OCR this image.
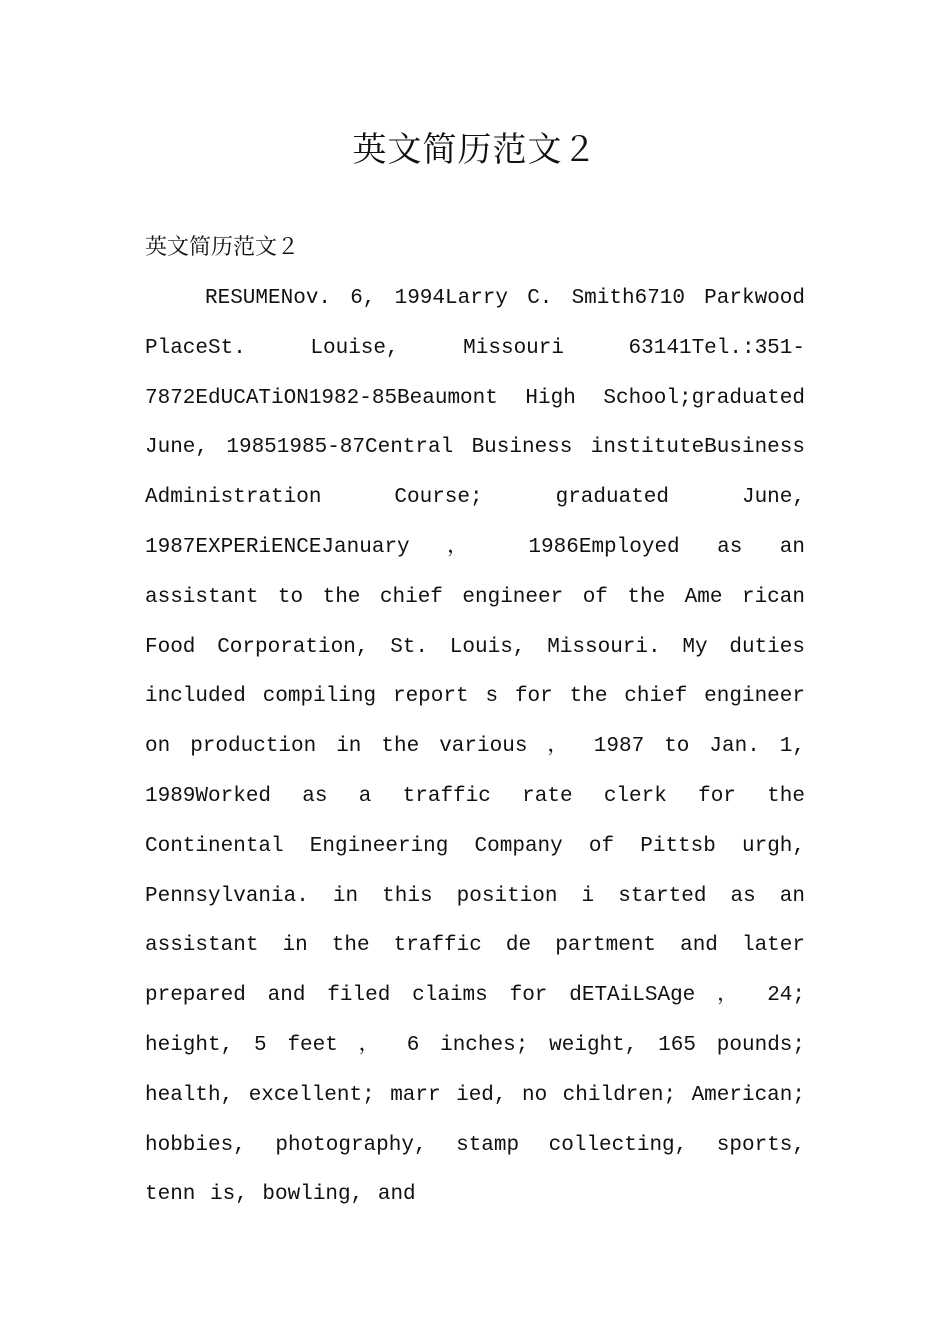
英文简历范文２

英文简历范文２

RESUMENov. 6, 1994Larry C. Smith6710 Parkwood PlaceSt. Louise, Missouri 63141Tel.:351-7872EdUCATiON1982-85Beaumont High School;graduated June, 19851985-87Central Business instituteBusiness Administration Course; graduated June, 1987EXPERiENCEJanuary ， 1986Employed as an assistant to the chief engineer of the Ame rican Food Corporation, St. Louis, Missouri. My duties included compiling report s for the chief engineer on production in the various ， 1987 to Jan. 1, 1989Worked as a traffic rate clerk for the Continental Engineering Company of Pittsb urgh, Pennsylvania. in this position i started as an assistant in the traffic de partment and later prepared and filed claims for dETAiLSAge ， 24; height, 5 feet ， 6 inches; weight, 165 pounds; health, excellent; marr ied, no children; American; hobbies, photography, stamp collecting, sports, tenn is, bowling, and
